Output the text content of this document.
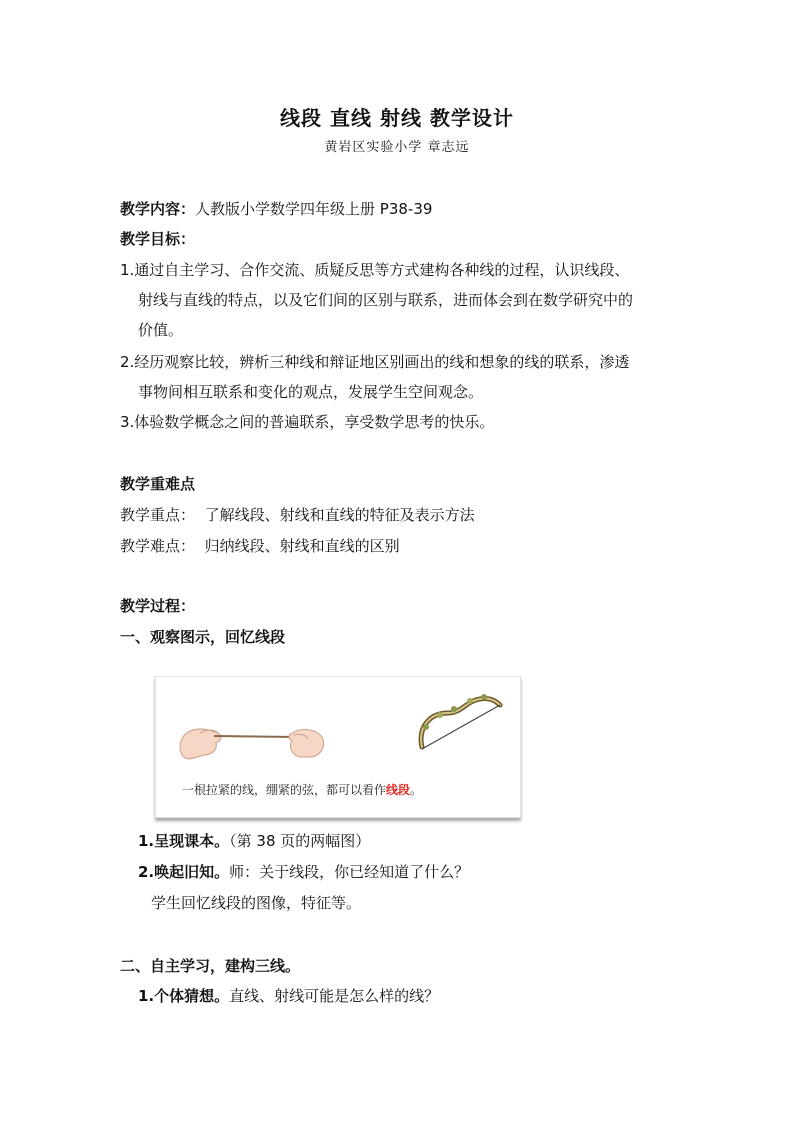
线段 直线 射线 教学设计
黄岩区实验小学 章志远
教学内容：人教版小学数学四年级上册 P38-39
教学目标：
1.通过自主学习、合作交流、质疑反思等方式建构各种线的过程，认识线段、
射线与直线的特点，以及它们间的区别与联系，进而体会到在数学研究中的
价值。
2.经历观察比较，辨析三种线和辩证地区别画出的线和想象的线的联系，渗透
事物间相互联系和变化的观点，发展学生空间观念。
3.体验数学概念之间的普遍联系，享受数学思考的快乐。
教学重难点
教学重点： 了解线段、射线和直线的特征及表示方法
教学难点： 归纳线段、射线和直线的区别
教学过程：
一、观察图示，回忆线段
一根拉紧的线，绷紧的弦，都可以看作线段。
1.呈现课本。（第 38 页的两幅图）
2.唤起旧知。师：关于线段，你已经知道了什么？
学生回忆线段的图像，特征等。
二、自主学习，建构三线。
1.个体猜想。直线、射线可能是怎么样的线？
